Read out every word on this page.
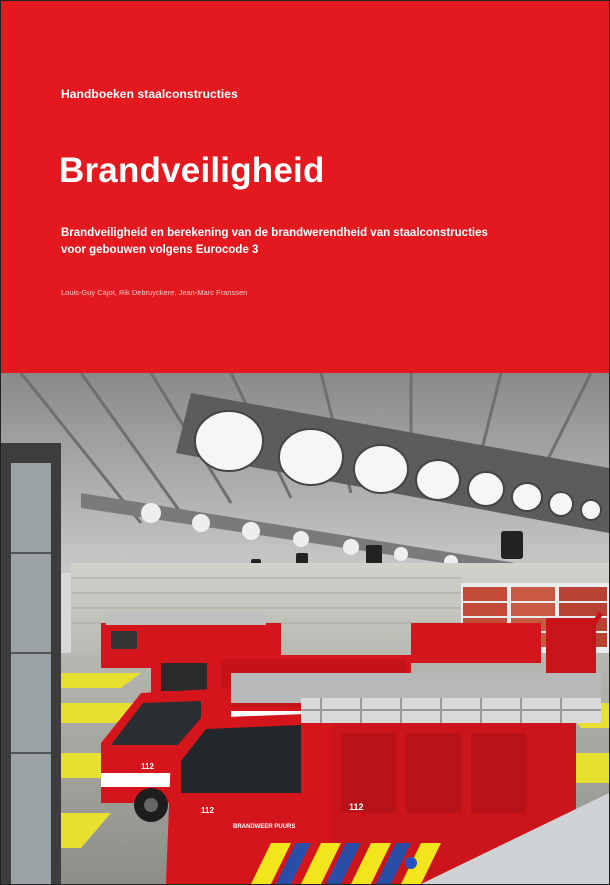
Handboeken staalconstructies
Brandveiligheid
Brandveiligheid en berekening van de brandwerendheid van staalconstructies
voor gebouwen volgens Eurocode 3
Louis-Guy Cajot, Rik Debruyckere, Jean-Marc Franssen
112
112
BRANDWEER PUURS
112
